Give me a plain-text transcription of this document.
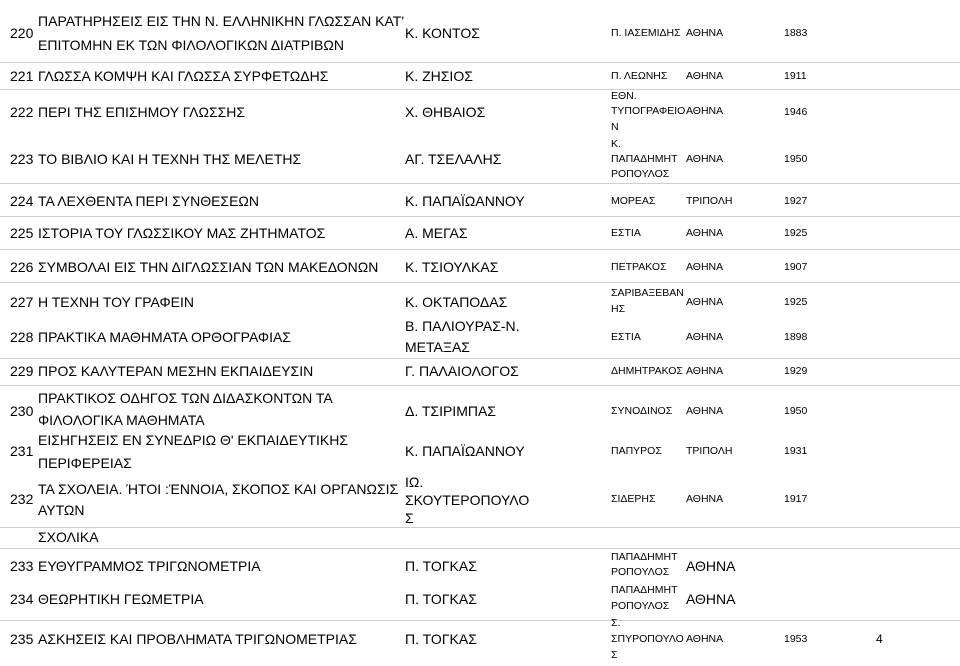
220
ΠΑΡΑΤΗΡΗΣΕΙΣ ΕΙΣ ΤΗΝ Ν. ΕΛΛΗΝΙΚΗΝ ΓΛΩΣΣΑΝ ΚΑΤ'
ΕΠΙΤΟΜΗΝ ΕΚ ΤΩΝ ΦΙΛΟΛΟΓΙΚΩΝ ΔΙΑΤΡΙΒΩΝ
Κ. ΚΟΝΤΟΣ	Π. ΙΑΣΕΜΙΔΗΣ ΑΘΗΝΑ	1883
221 ΓΛΩΣΣΑ ΚΟΜΨΗ ΚΑΙ ΓΛΩΣΣΑ ΣΥΡΦΕΤΩΔΗΣ	Κ. ΖΗΣΙΟΣ	Π. ΛΕΩΝΗΣ ΑΘΗΝΑ	1911
222 ΠΕΡΙ ΤΗΣ ΕΠΙΣΗΜΟΥ ΓΛΩΣΣΗΣ	Χ. ΘΗΒΑΙΟΣ
ΕΘΝ.
ΤΥΠΟΓΡΑΦΕΙΟ
Ν
ΑΘΗΝΑ	1946
223 ΤΟ ΒΙΒΛΙΟ ΚΑΙ Η ΤΕΧΝΗ ΤΗΣ ΜΕΛΕΤΗΣ	ΑΓ. ΤΣΕΛΑΛΗΣ
Κ.
ΠΑΠΑΔΗΜΗΤ
ΡΟΠΟΥΛΟΣ
ΑΘΗΝΑ	1950
224 ΤΑ ΛΕΧΘΕΝΤΑ ΠΕΡΙ ΣΥΝΘΕΣΕΩΝ	Κ. ΠΑΠΑΪΩΑΝΝΟΥ	ΜΟΡΕΑΣ	ΤΡΙΠΟΛΗ	1927
225 ΙΣΤΟΡΙΑ ΤΟΥ ΓΛΩΣΣΙΚΟΥ ΜΑΣ ΖΗΤΗΜΑΤΟΣ	Α. ΜΕΓΑΣ	ΕΣΤΙΑ	ΑΘΗΝΑ	1925
226 ΣΥΜΒΟΛΑΙ ΕΙΣ ΤΗΝ ΔΙΓΛΩΣΣΙΑΝ ΤΩΝ ΜΑΚΕΔΟΝΩΝ Κ. ΤΣΙΟΥΛΚΑΣ	ΠΕΤΡΑΚΟΣ ΑΘΗΝΑ	1907
227 Η ΤΕΧΝΗ ΤΟΥ ΓΡΑΦΕΙΝ	Κ. ΟΚΤΑΠΟΔΑΣ
ΣΑΡΙΒΑΞΕΒΑΝ
ΗΣ
ΑΘΗΝΑ	1925
228 ΠΡΑΚΤΙΚΑ ΜΑΘΗΜΑΤΑ ΟΡΘΟΓΡΑΦΙΑΣ
Β. ΠΑΛΙΟΥΡΑΣ-Ν.
ΜΕΤΑΞΑΣ
ΕΣΤΙΑ	ΑΘΗΝΑ	1898
229 ΠΡΟΣ ΚΑΛΥΤΕΡΑΝ ΜΕΣΗΝ ΕΚΠΑΙΔΕΥΣΙΝ	Γ. ΠΑΛΑΙΟΛΟΓΟΣ	ΔΗΜΗΤΡΑΚΟΣ ΑΘΗΝΑ	1929
230
ΠΡΑΚΤΙΚΟΣ ΟΔΗΓΟΣ ΤΩΝ ΔΙΔΑΣΚΟΝΤΩΝ ΤΑ
ΦΙΛΟΛΟΓΙΚΑ ΜΑΘΗΜΑΤΑ
Δ. ΤΣΙΡΙΜΠΑΣ	ΣΥΝΟΔΙΝΟΣ ΑΘΗΝΑ	1950
231
ΕΙΣΗΓΗΣΕΙΣ ΕΝ ΣΥΝΕΔΡΙΩ Θ' ΕΚΠΑΙΔΕΥΤΙΚΗΣ
ΠΕΡΙΦΕΡΕΙΑΣ
Κ. ΠΑΠΑΪΩΑΝΝΟΥ	ΠΑΠΥΡΟΣ ΤΡΙΠΟΛΗ	1931
232
ΤΑ ΣΧΟΛΕΙΑ. ΉΤΟΙ :ΈΝΝΟΙΑ, ΣΚΟΠΟΣ ΚΑΙ ΟΡΓΑΝΩΣΙΣ
ΑΥΤΩΝ
ΙΩ.
ΣΚΟΥΤΕΡΟΠΟΥΛΟ
Σ
ΣΙΔΕΡΗΣ	ΑΘΗΝΑ	1917
ΣΧΟΛΙΚΑ
233 ΕΥΘΥΓΡΑΜΜΟΣ ΤΡΙΓΩΝΟΜΕΤΡΙΑ	Π. ΤΟΓΚΑΣ
ΠΑΠΑΔΗΜΗΤ
ΡΟΠΟΥΛΟΣ ΑΘΗΝΑ
234 ΘΕΩΡΗΤΙΚΗ ΓΕΩΜΕΤΡΙΑ	Π. ΤΟΓΚΑΣ
ΠΑΠΑΔΗΜΗΤ
ΡΟΠΟΥΛΟΣ ΑΘΗΝΑ
235 ΑΣΚΗΣΕΙΣ ΚΑΙ ΠΡΟΒΛΗΜΑΤΑ ΤΡΙΓΩΝΟΜΕΤΡΙΑΣ	Π. ΤΟΓΚΑΣ
Σ.
ΣΠΥΡΟΠΟΥΛΟ
Σ
ΑΘΗΝΑ	1953	4
